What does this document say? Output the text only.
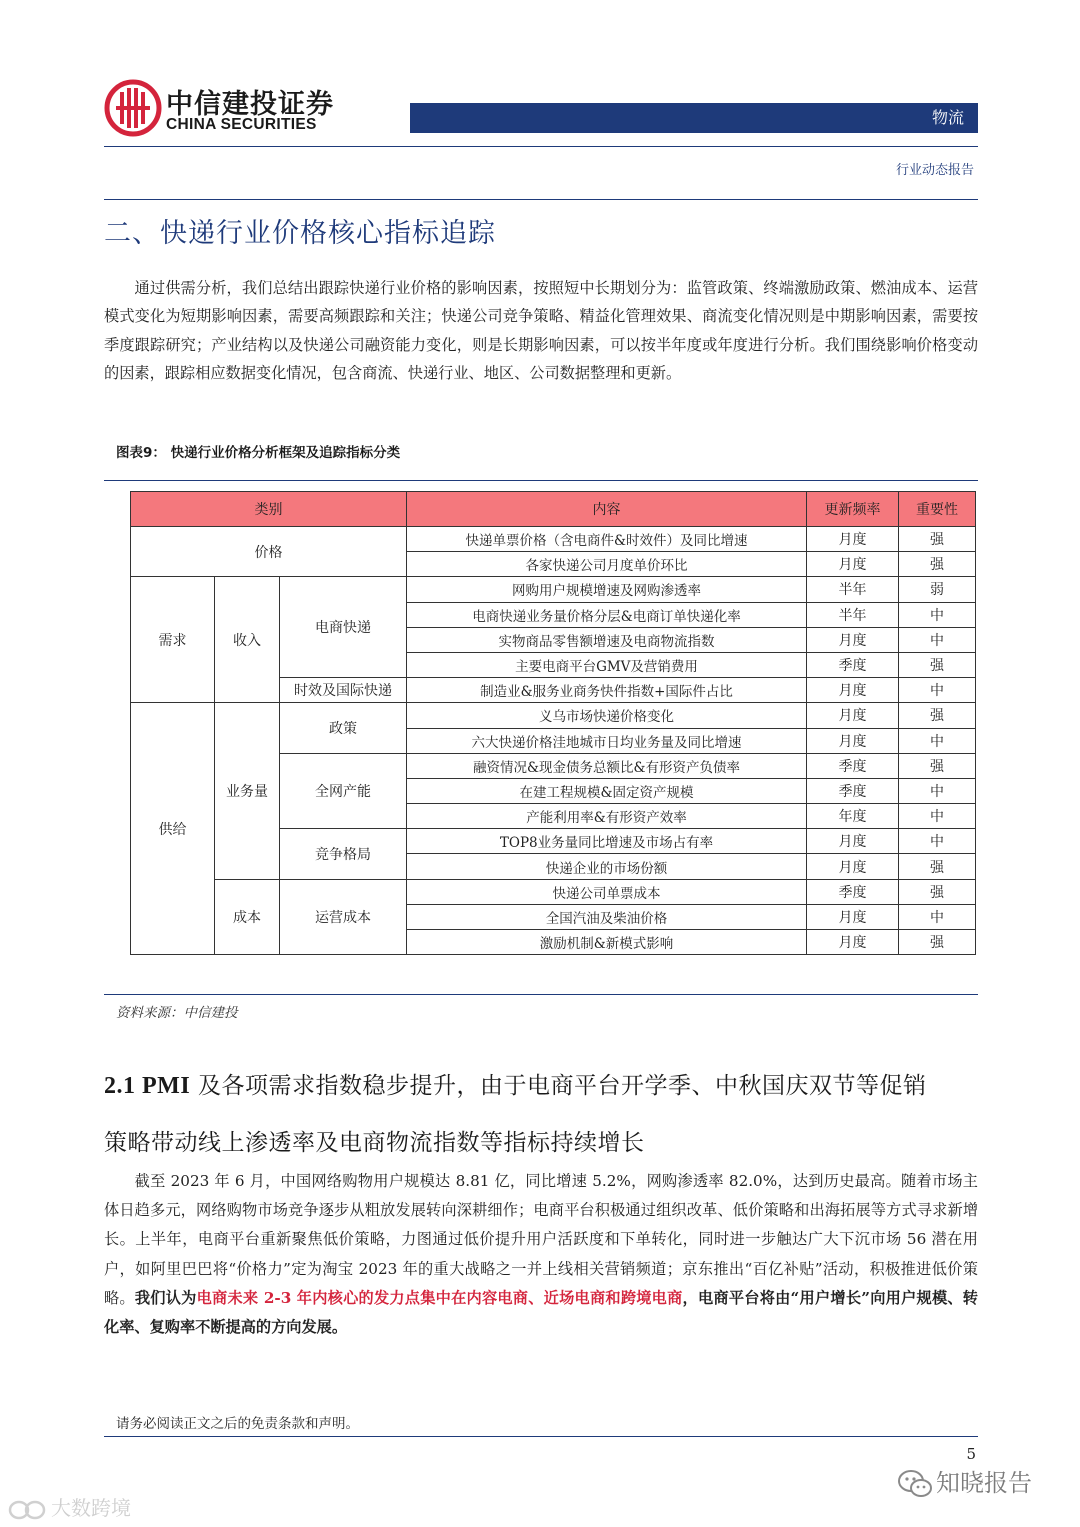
中信建投证券
CHINA SECURITIES	物流
行业动态报告
二、快递行业价格核心指标追踪

  通过供需分析，我们总结出跟踪快递行业价格的影响因素，按照短中长期划分为：监管政策、终端激励政策、燃油成本、运营模式变化为短期影响因素，需要高频跟踪和关注；快递公司竞争策略、精益化管理效果、商流变化情况则是中期影响因素，需要按季度跟踪研究；产业结构以及快递公司融资能力变化，则是长期影响因素，可以按半年度或年度进行分析。我们围绕影响价格变动的因素，跟踪相应数据变化情况，包含商流、快递行业、地区、公司数据整理和更新。

图表9： 快递行业价格分析框架及追踪指标分类
类别			内容	更新频率	重要性
价格			快递单票价格（含电商件&时效件）及同比增速	月度	强
			各家快递公司月度单价环比	月度	强
需求	收入	电商快递	网购用户规模增速及网购渗透率	半年	弱
			电商快递业务量价格分层&电商订单快递化率	半年	中
			实物商品零售额增速及电商物流指数	月度	中
			主要电商平台GMV及营销费用	季度	强
		时效及国际快递	制造业&服务业商务快件指数+国际件占比	月度	中
供给	业务量	政策	义乌市场快递价格变化	月度	强
			六大快递价格洼地城市日均业务量及同比增速	月度	中
		全网产能	融资情况&现金债务总额比&有形资产负债率	季度	强
			在建工程规模&固定资产规模	季度	中
			产能利用率&有形资产效率	年度	中
		竞争格局	TOP8业务量同比增速及市场占有率	月度	中
			快递企业的市场份额	月度	强
	成本	运营成本	快递公司单票成本	季度	强
			全国汽油及柴油价格	月度	中
			激励机制&新模式影响	月度	强
资料来源：中信建投
2.1 PMI 及各项需求指数稳步提升，由于电商平台开学季、中秋国庆双节等促销
策略带动线上渗透率及电商物流指数等指标持续增长

  截至 2023 年 6 月，中国网络购物用户规模达 8.81 亿，同比增速 5.2%，网购渗透率 82.0%，达到历史最高。随着市场主体日趋多元，网络购物市场竞争逐步从粗放发展转向深耕细作；电商平台积极通过组织改革、低价策略和出海拓展等方式寻求新增长。上半年，电商平台重新聚焦低价策略，力图通过低价提升用户活跃度和下单转化，同时进一步触达广大下沉市场 56 潜在用户，如阿里巴巴将“价格力”定为淘宝 2023 年的重大战略之一并上线相关营销频道；京东推出“百亿补贴”活动，积极推进低价策略。我们认为电商未来 2-3 年内核心的发力点集中在内容电商、近场电商和跨境电商，电商平台将由“用户增长”向用户规模、转化率、复购率不断提高的方向发展。

请务必阅读正文之后的免责条款和声明。
5
知晓报告
大数跨境
